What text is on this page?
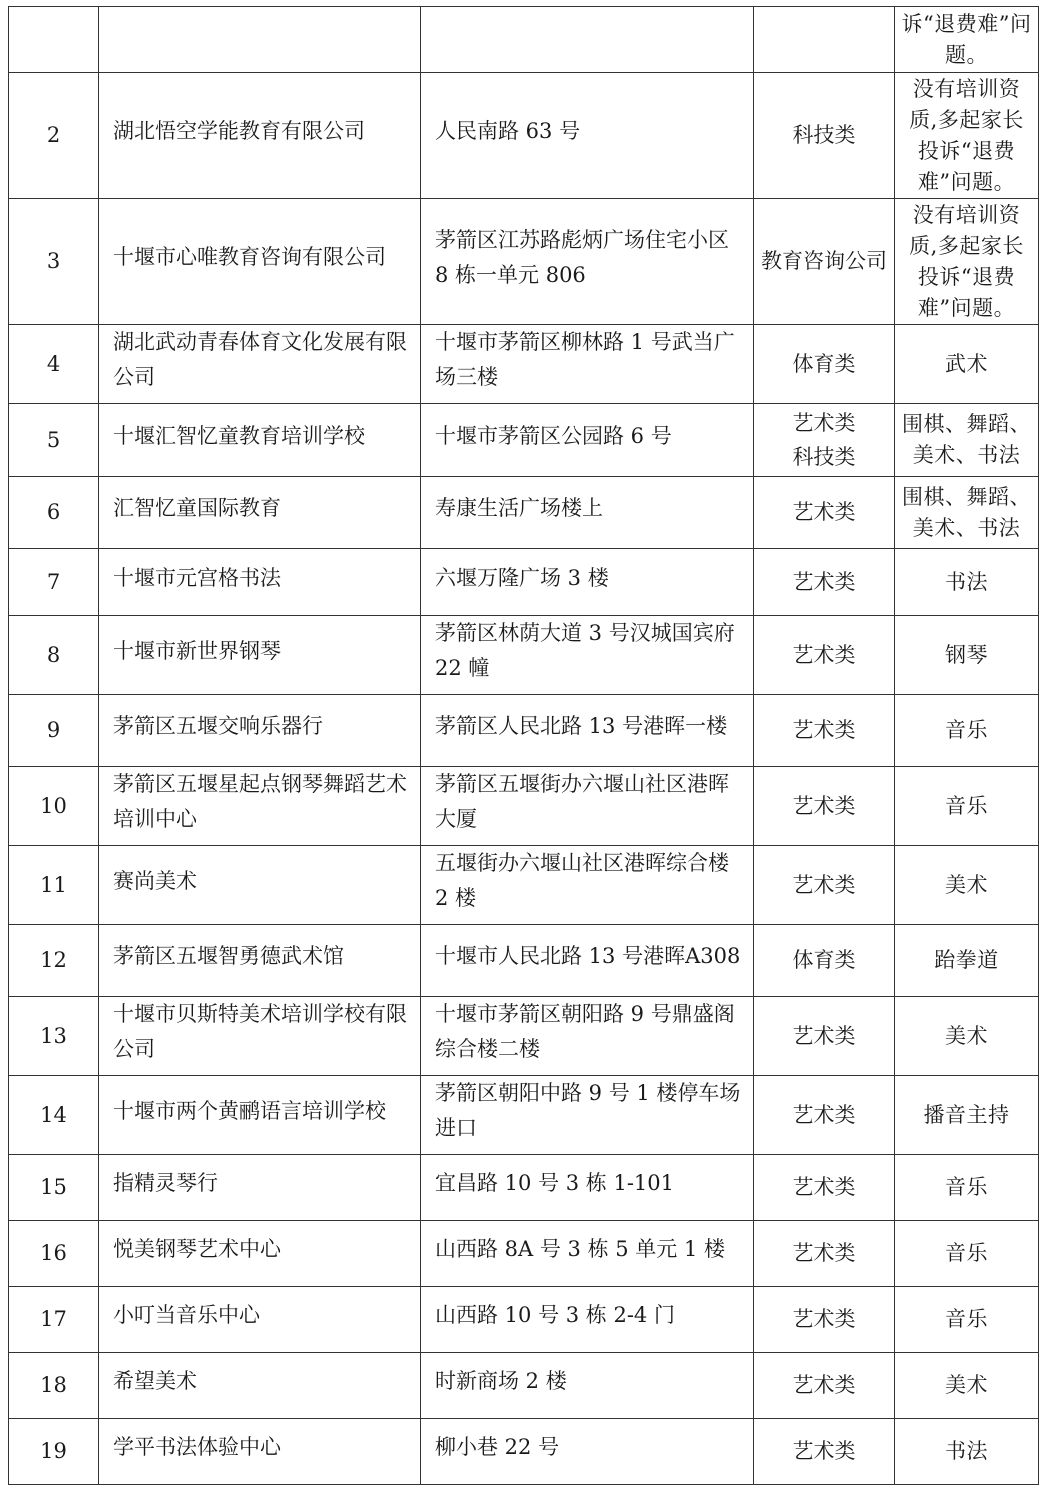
				诉“退费难”问题。

2	湖北悟空学能教育有限公司	人民南路 63 号	科技类	没有培训资质,多起家长投诉“退费难”问题。

3	十堰市心唯教育咨询有限公司	茅箭区江苏路彪炳广场住宅小区 8 栋一单元 806	教育咨询公司	没有培训资质,多起家长投诉“退费难”问题。

4	湖北武动青春体育文化发展有限公司	十堰市茅箭区柳林路 1 号武当广场三楼	体育类	武术

5	十堰汇智忆童教育培训学校	十堰市茅箭区公园路 6 号	艺术类 科技类	围棋、舞蹈、美术、书法

6	汇智忆童国际教育	寿康生活广场楼上	艺术类	围棋、舞蹈、美术、书法

7	十堰市元宫格书法	六堰万隆广场 3 楼	艺术类	书法

8	十堰市新世界钢琴	茅箭区林荫大道 3 号汉城国宾府 22 幢	艺术类	钢琴

9	茅箭区五堰交响乐器行	茅箭区人民北路 13 号港晖一楼	艺术类	音乐

10	茅箭区五堰星起点钢琴舞蹈艺术培训中心	茅箭区五堰街办六堰山社区港晖大厦	艺术类	音乐

11	赛尚美术	五堰街办六堰山社区港晖综合楼 2 楼	艺术类	美术

12	茅箭区五堰智勇德武术馆	十堰市人民北路 13 号港晖A308	体育类	跆拳道

13	十堰市贝斯特美术培训学校有限公司	十堰市茅箭区朝阳路 9 号鼎盛阁综合楼二楼	艺术类	美术

14	十堰市两个黄鹂语言培训学校	茅箭区朝阳中路 9 号 1 楼停车场进口	艺术类	播音主持

15	指精灵琴行	宜昌路 10 号 3 栋 1-101	艺术类	音乐

16	悦美钢琴艺术中心	山西路 8A 号 3 栋 5 单元 1 楼	艺术类	音乐

17	小叮当音乐中心	山西路 10 号 3 栋 2-4 门	艺术类	音乐

18	希望美术	时新商场 2 楼	艺术类	美术

19	学平书法体验中心	柳小巷 22 号	艺术类	书法
